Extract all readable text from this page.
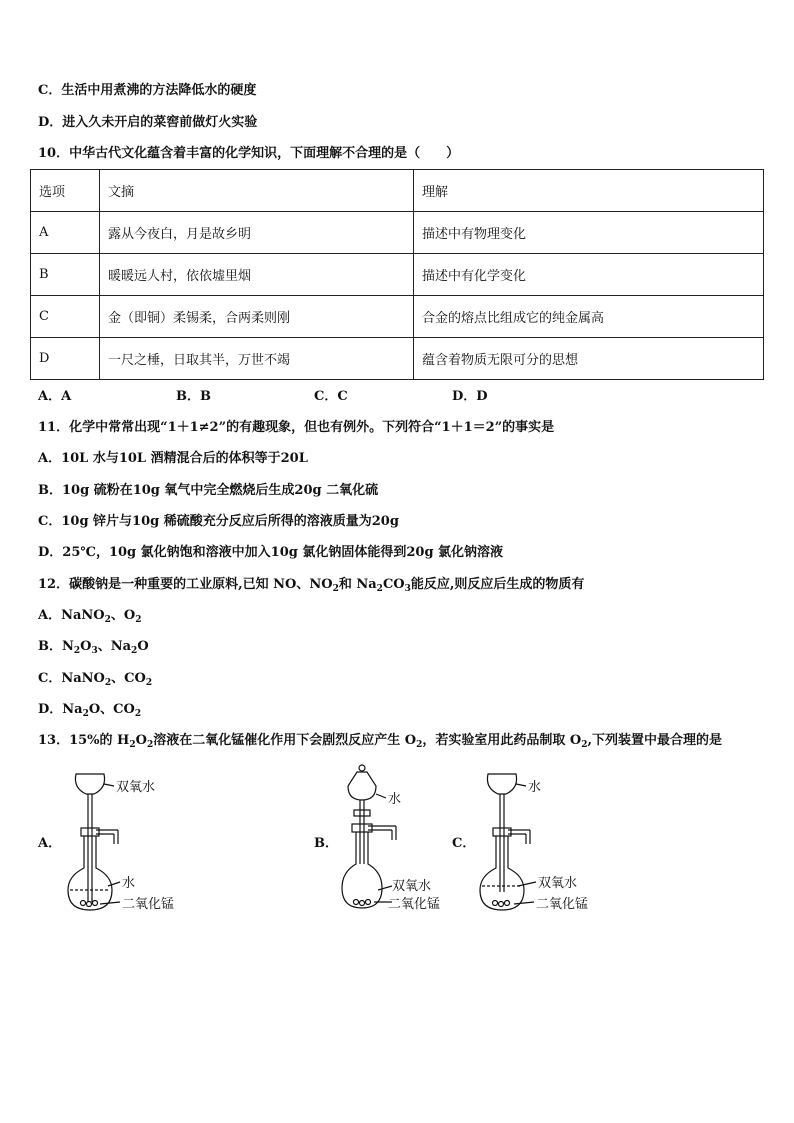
C．生活中用煮沸的方法降低水的硬度
D．进入久未开启的菜窖前做灯火实验
10．中华古代文化蕴含着丰富的化学知识，下面理解不合理的是（　　）
选项	文摘	理解
A	露从今夜白，月是故乡明	描述中有物理变化
B	暖暖远人村，依依墟里烟	描述中有化学变化
C	金（即铜）柔锡柔，合两柔则刚	合金的熔点比组成它的纯金属高
D	一尺之棰，日取其半，万世不竭	蕴含着物质无限可分的思想
A．A	B．B	C．C	D．D
11．化学中常常出现“1＋1≠2”的有趣现象，但也有例外。下列符合“1＋1＝2”的事实是
A．10L 水与10L 酒精混合后的体积等于20L
B．10g 硫粉在10g 氧气中完全燃烧后生成20g 二氧化硫
C．10g 锌片与10g 稀硫酸充分反应后所得的溶液质量为20g
D．25℃，10g 氯化钠饱和溶液中加入10g 氯化钠固体能得到20g 氯化钠溶液
12．碳酸钠是一种重要的工业原料,已知 NO、$NO_2$和 $Na_2CO_3$能反应,则反应后生成的物质有
A．NaNO$_2$、$O_2$
B．$N_2O_3$、$Na_2O$
C．NaNO$_2$、$CO_2$
D．$Na_2O$、$CO_2$
13．15%的 $H_2O_2$溶液在二氧化锰催化作用下会剧烈反应产生 $O_2$，若实验室用此药品制取 $O_2$,下列装置中最合理的是
A．
双氧水
水
二氧化锰
B．
水
双氧水
二氧化锰
C．
水
双氧水
二氧化锰
